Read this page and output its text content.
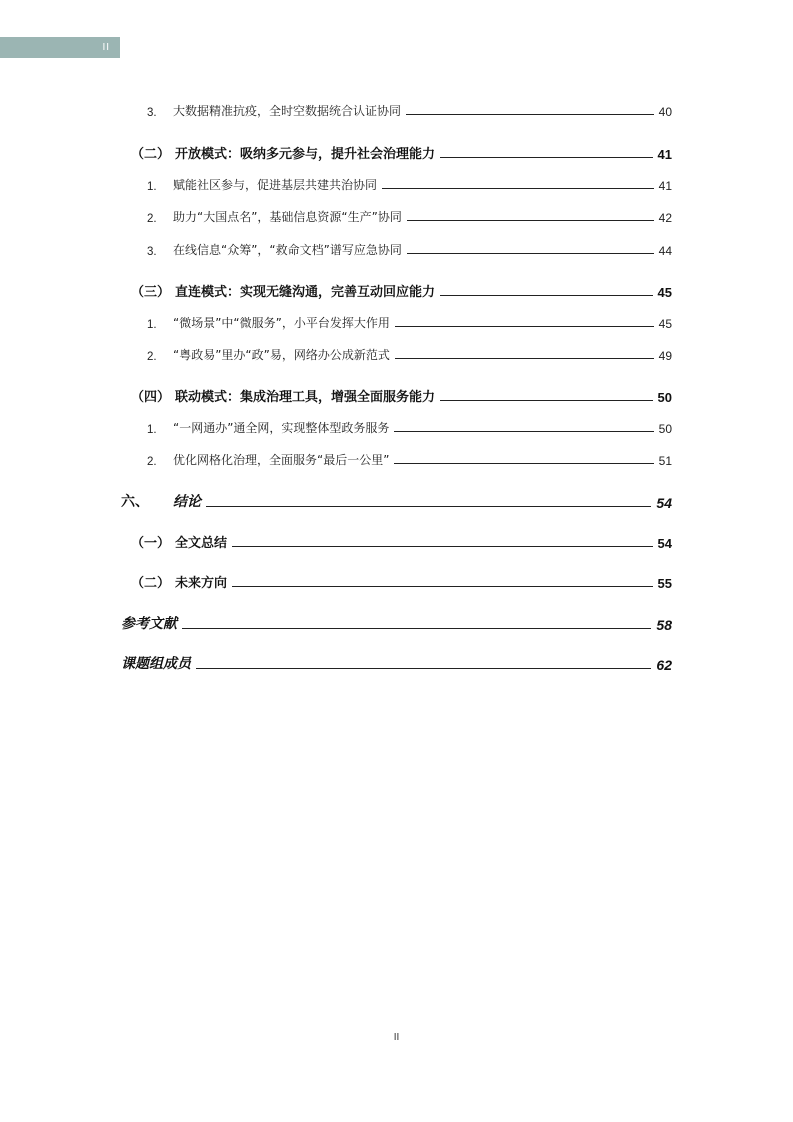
II
3.	大数据精准抗疫，全时空数据统合认证协同	40
（二） 开放模式：吸纳多元参与，提升社会治理能力	41
1.	赋能社区参与，促进基层共建共治协同	41
2.	助力“大国点名”，基础信息资源“生产”协同	42
3.	在线信息“众筹”，“救命文档”谱写应急协同	44
（三） 直连模式：实现无缝沟通，完善互动回应能力	45
1.	“微场景”中“微服务”，小平台发挥大作用	45
2.	“粤政易”里办“政”易，网络办公成新范式	49
（四） 联动模式：集成治理工具，增强全面服务能力	50
1.	“一网通办”通全网，实现整体型政务服务	50
2.	优化网格化治理，全面服务“最后一公里”	51
六、	结论	54
（一） 全文总结	54
（二） 未来方向	55
参考文献	58
课题组成员	62
II
